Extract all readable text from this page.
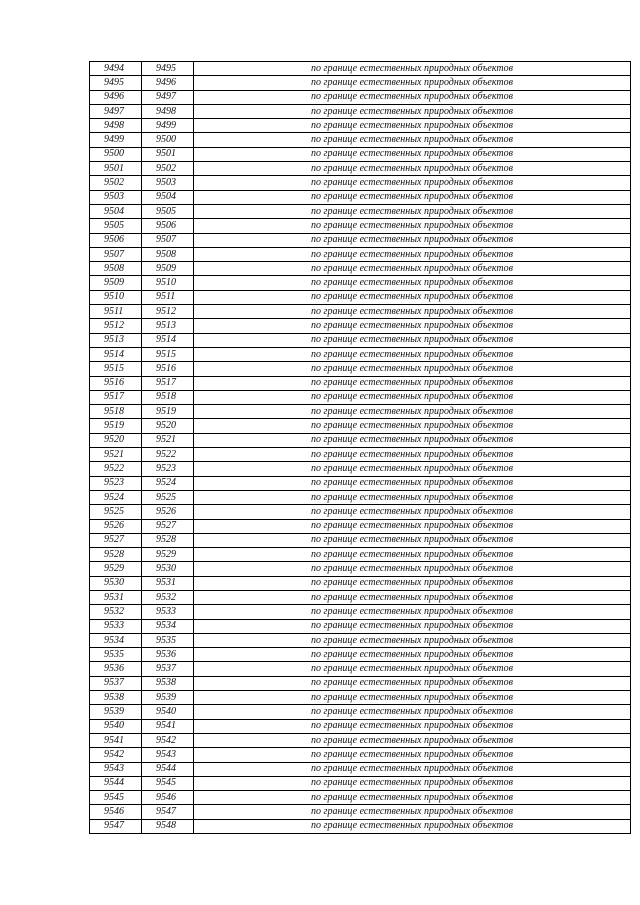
9494	9495	по границе естественных природных объектов
9495	9496	по границе естественных природных объектов
9496	9497	по границе естественных природных объектов
9497	9498	по границе естественных природных объектов
9498	9499	по границе естественных природных объектов
9499	9500	по границе естественных природных объектов
9500	9501	по границе естественных природных объектов
9501	9502	по границе естественных природных объектов
9502	9503	по границе естественных природных объектов
9503	9504	по границе естественных природных объектов
9504	9505	по границе естественных природных объектов
9505	9506	по границе естественных природных объектов
9506	9507	по границе естественных природных объектов
9507	9508	по границе естественных природных объектов
9508	9509	по границе естественных природных объектов
9509	9510	по границе естественных природных объектов
9510	9511	по границе естественных природных объектов
9511	9512	по границе естественных природных объектов
9512	9513	по границе естественных природных объектов
9513	9514	по границе естественных природных объектов
9514	9515	по границе естественных природных объектов
9515	9516	по границе естественных природных объектов
9516	9517	по границе естественных природных объектов
9517	9518	по границе естественных природных объектов
9518	9519	по границе естественных природных объектов
9519	9520	по границе естественных природных объектов
9520	9521	по границе естественных природных объектов
9521	9522	по границе естественных природных объектов
9522	9523	по границе естественных природных объектов
9523	9524	по границе естественных природных объектов
9524	9525	по границе естественных природных объектов
9525	9526	по границе естественных природных объектов
9526	9527	по границе естественных природных объектов
9527	9528	по границе естественных природных объектов
9528	9529	по границе естественных природных объектов
9529	9530	по границе естественных природных объектов
9530	9531	по границе естественных природных объектов
9531	9532	по границе естественных природных объектов
9532	9533	по границе естественных природных объектов
9533	9534	по границе естественных природных объектов
9534	9535	по границе естественных природных объектов
9535	9536	по границе естественных природных объектов
9536	9537	по границе естественных природных объектов
9537	9538	по границе естественных природных объектов
9538	9539	по границе естественных природных объектов
9539	9540	по границе естественных природных объектов
9540	9541	по границе естественных природных объектов
9541	9542	по границе естественных природных объектов
9542	9543	по границе естественных природных объектов
9543	9544	по границе естественных природных объектов
9544	9545	по границе естественных природных объектов
9545	9546	по границе естественных природных объектов
9546	9547	по границе естественных природных объектов
9547	9548	по границе естественных природных объектов
